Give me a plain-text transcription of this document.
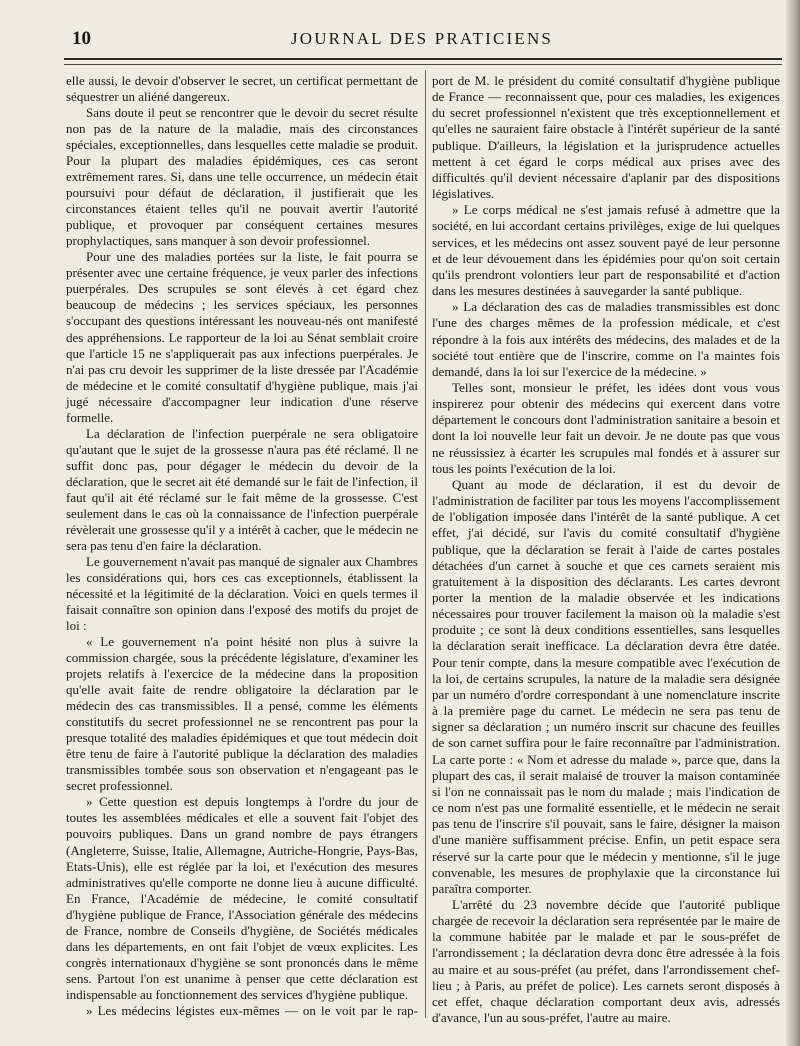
10	JOURNAL DES PRATICIENS

elle aussi, le devoir d'observer le secret, un certificat permettant de séquestrer un aliéné dangereux.

Sans doute il peut se rencontrer que le devoir du secret résulte non pas de la nature de la maladie, mais des circonstances spéciales, exceptionnelles, dans lesquelles cette maladie se produit. Pour la plupart des maladies épidémiques, ces cas seront extrêmement rares. Si, dans une telle occurrence, un médecin était poursuivi pour défaut de déclaration, il justifierait que les circonstances étaient telles qu'il ne pouvait avertir l'autorité publique, et provoquer par conséquent certaines mesures prophylactiques, sans manquer à son devoir professionnel.

Pour une des maladies portées sur la liste, le fait pourra se présenter avec une certaine fréquence, je veux parler des infections puerpérales. Des scrupules se sont élevés à cet égard chez beaucoup de médecins ; les services spéciaux, les personnes s'occupant des questions intéressant les nouveau-nés ont manifesté des appréhensions. Le rapporteur de la loi au Sénat semblait croire que l'article 15 ne s'appliquerait pas aux infections puerpérales. Je n'ai pas cru devoir les supprimer de la liste dressée par l'Académie de médecine et le comité consultatif d'hygiène publique, mais j'ai jugé nécessaire d'accompagner leur indication d'une réserve formelle.

La déclaration de l'infection puerpérale ne sera obligatoire qu'autant que le sujet de la grossesse n'aura pas été réclamé. Il ne suffit donc pas, pour dégager le médecin du devoir de la déclaration, que le secret ait été demandé sur le fait de l'infection, il faut qu'il ait été réclamé sur le fait même de la grossesse. C'est seulement dans le cas où la connaissance de l'infection puerpérale révèlerait une grossesse qu'il y a intérêt à cacher, que le médecin ne sera pas tenu d'en faire la déclaration.

Le gouvernement n'avait pas manqué de signaler aux Chambres les considérations qui, hors ces cas exceptionnels, établissent la nécessité et la légitimité de la déclaration. Voici en quels termes il faisait connaître son opinion dans l'exposé des motifs du projet de loi :

« Le gouvernement n'a point hésité non plus à suivre la commission chargée, sous la précédente législature, d'examiner les projets relatifs à l'exercice de la médecine dans la proposition qu'elle avait faite de rendre obligatoire la déclaration par le médecin des cas transmissibles. Il a pensé, comme les éléments constitutifs du secret professionnel ne se rencontrent pas pour la presque totalité des maladies épidémiques et que tout médecin doit être tenu de faire à l'autorité publique la déclaration des maladies transmissibles tombée sous son observation et n'engageant pas le secret professionnel.

» Cette question est depuis longtemps à l'ordre du jour de toutes les assemblées médicales et elle a souvent fait l'objet des pouvoirs publiques. Dans un grand nombre de pays étrangers (Angleterre, Suisse, Italie, Allemagne, Autriche-Hongrie, Pays-Bas, Etats-Unis), elle est réglée par la loi, et l'exécution des mesures administratives qu'elle comporte ne donne lieu à aucune difficulté. En France, l'Académie de médecine, le comité consultatif d'hygiène publique de France, l'Association générale des médecins de France, nombre de Conseils d'hygiène, de Sociétés médicales dans les départements, en ont fait l'objet de vœux explicites. Les congrès internationaux d'hygiène se sont prononcés dans le même sens. Partout l'on est unanime à penser que cette déclaration est indispensable au fonctionnement des services d'hygiène publique.

» Les médecins légistes eux-mêmes — on le voit par le rap-

port de M. le président du comité consultatif d'hygiène publique de France — reconnaissent que, pour ces maladies, les exigences du secret professionnel n'existent que très exceptionnellement et qu'elles ne sauraient faire obstacle à l'intérêt supérieur de la santé publique. D'ailleurs, la législation et la jurisprudence actuelles mettent à cet égard le corps médical aux prises avec des difficultés qu'il devient nécessaire d'aplanir par des dispositions législatives.

» Le corps médical ne s'est jamais refusé à admettre que la société, en lui accordant certains privilèges, exige de lui quelques services, et les médecins ont assez souvent payé de leur personne et de leur dévouement dans les épidémies pour qu'on soit certain qu'ils prendront volontiers leur part de responsabilité et d'action dans les mesures destinées à sauvegarder la santé publique.

» La déclaration des cas de maladies transmissibles est donc l'une des charges mêmes de la profession médicale, et c'est répondre à la fois aux intérêts des médecins, des malades et de la société tout entière que de l'inscrire, comme on l'a maintes fois demandé, dans la loi sur l'exercice de la médecine. »

Telles sont, monsieur le préfet, les idées dont vous vous inspirerez pour obtenir des médecins qui exercent dans votre département le concours dont l'administration sanitaire a besoin et dont la loi nouvelle leur fait un devoir. Je ne doute pas que vous ne réussissiez à écarter les scrupules mal fondés et à assurer sur tous les points l'exécution de la loi.

Quant au mode de déclaration, il est du devoir de l'administration de faciliter par tous les moyens l'accomplissement de l'obligation imposée dans l'intérêt de la santé publique. A cet effet, j'ai décidé, sur l'avis du comité consultatif d'hygiène publique, que la déclaration se ferait à l'aide de cartes postales détachées d'un carnet à souche et que ces carnets seraient mis gratuitement à la disposition des déclarants. Les cartes devront porter la mention de la maladie observée et les indications nécessaires pour trouver facilement la maison où la maladie s'est produite ; ce sont là deux conditions essentielles, sans lesquelles la déclaration serait inefficace. La déclaration devra être datée. Pour tenir compte, dans la mesure compatible avec l'exécution de la loi, de certains scrupules, la nature de la maladie sera désignée par un numéro d'ordre correspondant à une nomenclature inscrite à la première page du carnet. Le médecin ne sera pas tenu de signer sa déclaration ; un numéro inscrit sur chacune des feuilles de son carnet suffira pour le faire reconnaître par l'administration. La carte porte : « Nom et adresse du malade », parce que, dans la plupart des cas, il serait malaisé de trouver la maison contaminée si l'on ne connaissait pas le nom du malade ; mais l'indication de ce nom n'est pas une formalité essentielle, et le médecin ne serait pas tenu de l'inscrire s'il pouvait, sans le faire, désigner la maison d'une manière suffisamment précise. Enfin, un petit espace sera réservé sur la carte pour que le médecin y mentionne, s'il le juge convenable, les mesures de prophylaxie que la circonstance lui paraîtra comporter.

L'arrêté du 23 novembre décide que l'autorité publique chargée de recevoir la déclaration sera représentée par le maire de la commune habitée par le malade et par le sous-préfet de l'arrondissement ; la déclaration devra donc être adressée à la fois au maire et au sous-préfet (au préfet, dans l'arrondissement chef-lieu ; à Paris, au préfet de police). Les carnets seront disposés à cet effet, chaque déclaration comportant deux avis, adressés d'avance, l'un au sous-préfet, l'autre au maire.
